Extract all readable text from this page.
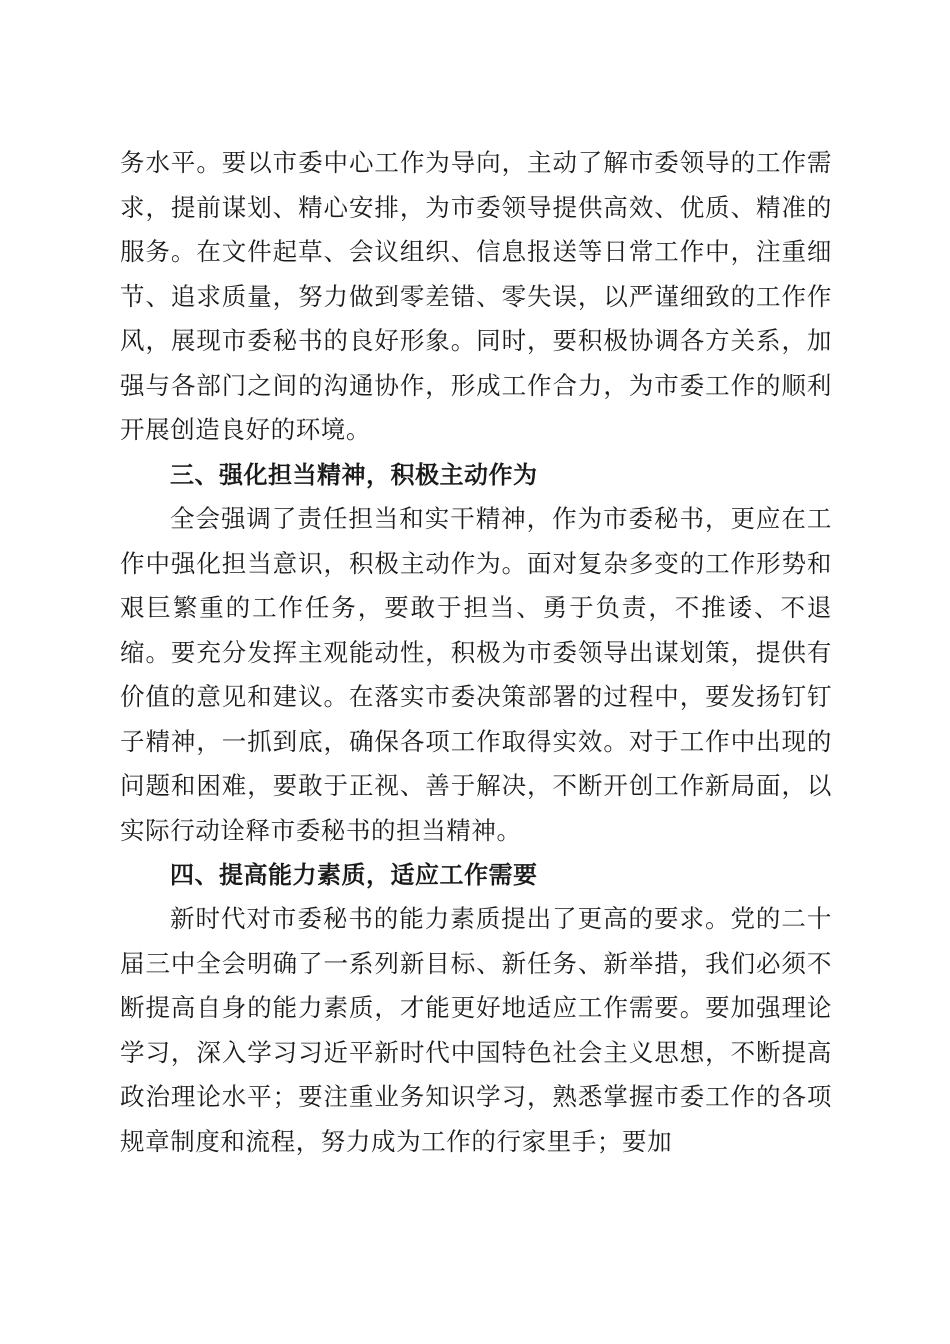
务水平。要以市委中心工作为导向，主动了解市委领导的工作需求，提前谋划、精心安排，为市委领导提供高效、优质、精准的服务。在文件起草、会议组织、信息报送等日常工作中，注重细节、追求质量，努力做到零差错、零失误，以严谨细致的工作作风，展现市委秘书的良好形象。同时，要积极协调各方关系，加强与各部门之间的沟通协作，形成工作合力，为市委工作的顺利开展创造良好的环境。

三、强化担当精神，积极主动作为

全会强调了责任担当和实干精神，作为市委秘书，更应在工作中强化担当意识，积极主动作为。面对复杂多变的工作形势和艰巨繁重的工作任务，要敢于担当、勇于负责，不推诿、不退缩。要充分发挥主观能动性，积极为市委领导出谋划策，提供有价值的意见和建议。在落实市委决策部署的过程中，要发扬钉钉子精神，一抓到底，确保各项工作取得实效。对于工作中出现的问题和困难，要敢于正视、善于解决，不断开创工作新局面，以实际行动诠释市委秘书的担当精神。

四、提高能力素质，适应工作需要

新时代对市委秘书的能力素质提出了更高的要求。党的二十届三中全会明确了一系列新目标、新任务、新举措，我们必须不断提高自身的能力素质，才能更好地适应工作需要。要加强理论学习，深入学习习近平新时代中国特色社会主义思想，不断提高政治理论水平；要注重业务知识学习，熟悉掌握市委工作的各项规章制度和流程，努力成为工作的行家里手；要加
